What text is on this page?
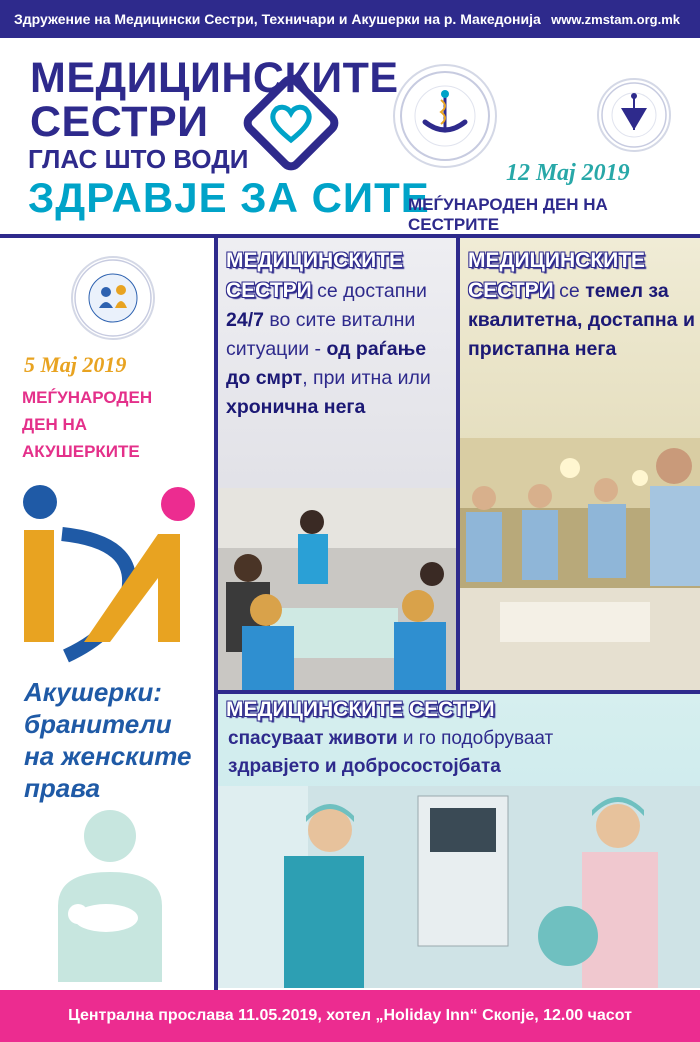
Здружение на Медицински Сестри, Техничари и Акушерки на р. Македонија www.zmstam.org.mk
МЕДИЦИНСКИТЕ
СЕСТРИ
ГЛАС ШТО ВОДИ
ЗДРАВЈЕ ЗА СИТЕ
12 Мај 2019
МЕЃУНАРОДЕН ДЕН НА СЕСТРИТЕ
5 Мај 2019
МЕЃУНАРОДЕН
ДЕН НА
АКУШЕРКИТЕ
Акушерки:
бранители
на женските
права
МЕДИЦИНСКИТЕ
СЕСТРИ се достапни
24/7 во сите витални ситуации - од раѓање до смрт, при итна или хронична нега
МЕДИЦИНСКИТЕ
СЕСТРИ се темел за квалитетна, достапна и пристапна нега
МЕДИЦИНСКИТЕ СЕСТРИ
спасуваат животи и го подобруваат
здравјето и добросостојбата
Централна прослава 11.05.2019, хотел „Holiday Inn“ Скопје, 12.00 часот
